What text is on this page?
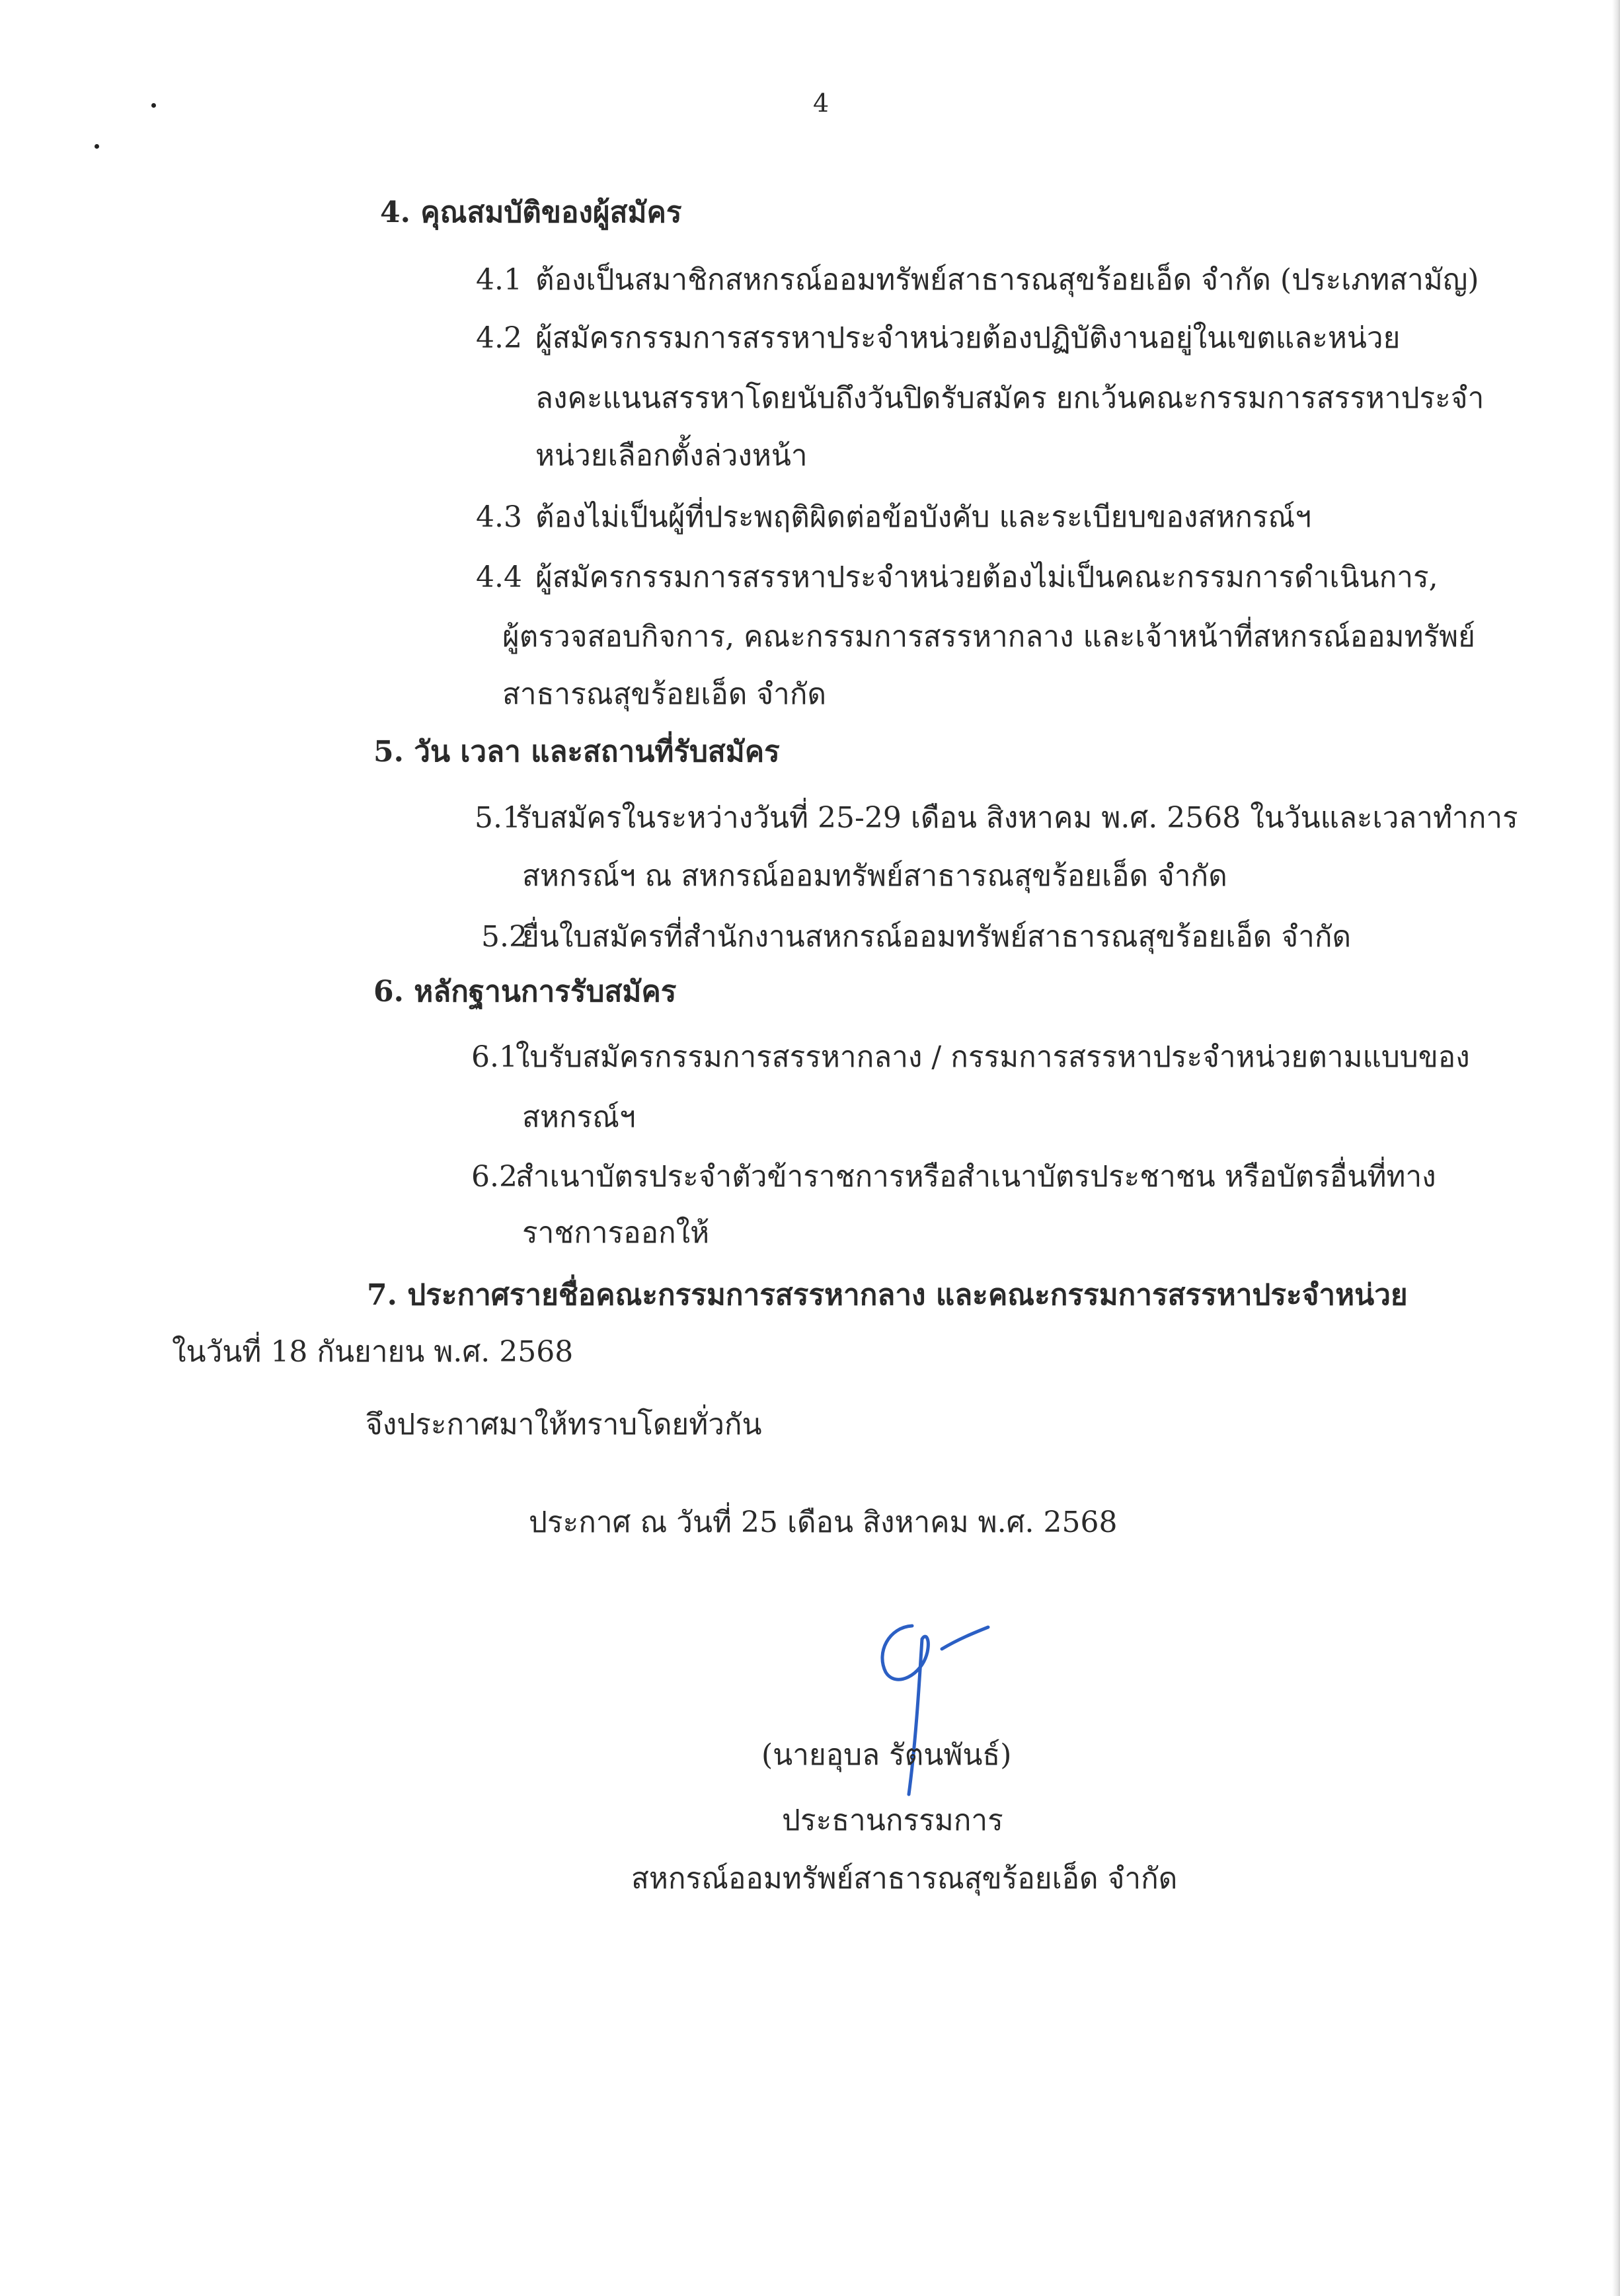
4
4. คุณสมบัติของผู้สมัคร
4.1 ต้องเป็นสมาชิกสหกรณ์ออมทรัพย์สาธารณสุขร้อยเอ็ด จำกัด (ประเภทสามัญ)
4.2 ผู้สมัครกรรมการสรรหาประจำหน่วยต้องปฏิบัติงานอยู่ในเขตและหน่วย
ลงคะแนนสรรหาโดยนับถึงวันปิดรับสมัคร ยกเว้นคณะกรรมการสรรหาประจำ
หน่วยเลือกตั้งล่วงหน้า
4.3 ต้องไม่เป็นผู้ที่ประพฤติผิดต่อข้อบังคับ และระเบียบของสหกรณ์ฯ
4.4 ผู้สมัครกรรมการสรรหาประจำหน่วยต้องไม่เป็นคณะกรรมการดำเนินการ,
ผู้ตรวจสอบกิจการ, คณะกรรมการสรรหากลาง และเจ้าหน้าที่สหกรณ์ออมทรัพย์
สาธารณสุขร้อยเอ็ด จำกัด
5. วัน เวลา และสถานที่รับสมัคร
5.1
รับสมัครในระหว่างวันที่ 25-29 เดือน สิงหาคม พ.ศ. 2568 ในวันและเวลาทำการ
สหกรณ์ฯ ณ สหกรณ์ออมทรัพย์สาธารณสุขร้อยเอ็ด จำกัด
5.2
ยื่นใบสมัครที่สำนักงานสหกรณ์ออมทรัพย์สาธารณสุขร้อยเอ็ด จำกัด
6. หลักฐานการรับสมัคร
6.1
ใบรับสมัครกรรมการสรรหากลาง / กรรมการสรรหาประจำหน่วยตามแบบของ
สหกรณ์ฯ
6.2
สำเนาบัตรประจำตัวข้าราชการหรือสำเนาบัตรประชาชน หรือบัตรอื่นที่ทาง
ราชการออกให้
7. ประกาศรายชื่อคณะกรรมการสรรหากลาง และคณะกรรมการสรรหาประจำหน่วย
ในวันที่ 18 กันยายน พ.ศ. 2568
จึงประกาศมาให้ทราบโดยทั่วกัน
ประกาศ ณ วันที่ 25 เดือน สิงหาคม พ.ศ. 2568
(นายอุบล รัตนพันธ์)
ประธานกรรมการ
สหกรณ์ออมทรัพย์สาธารณสุขร้อยเอ็ด จำกัด
